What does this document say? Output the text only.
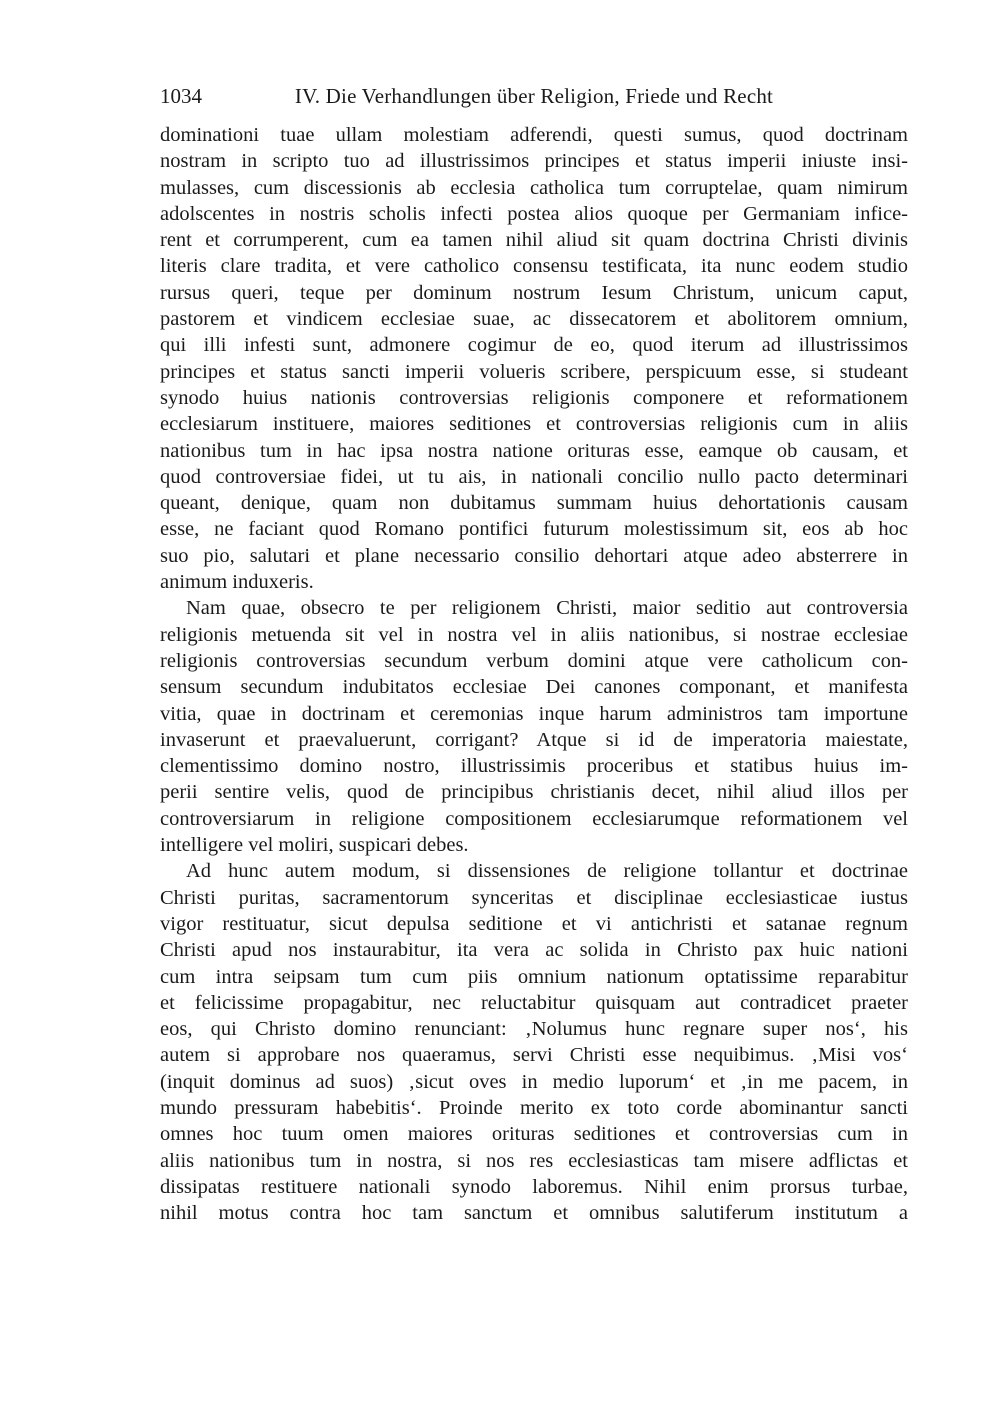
1034	IV. Die Verhandlungen über Religion, Friede und Recht
dominationi tuae ullam molestiam adferendi, questi sumus, quod doctrinam
nostram in scripto tuo ad illustrissimos principes et status imperii iniuste insi-
mulasses, cum discessionis ab ecclesia catholica tum corruptelae, quam nimirum
adolscentes in nostris scholis infecti postea alios quoque per Germaniam infice-
rent et corrumperent, cum ea tamen nihil aliud sit quam doctrina Christi divinis
literis clare tradita, et vere catholico consensu testificata, ita nunc eodem studio
rursus queri, teque per dominum nostrum Iesum Christum, unicum caput,
pastorem et vindicem ecclesiae suae, ac dissecatorem et abolitorem omnium,
qui illi infesti sunt, admonere cogimur de eo, quod iterum ad illustrissimos
principes et status sancti imperii volueris scribere, perspicuum esse, si studeant
synodo huius nationis controversias religionis componere et reformationem
ecclesiarum instituere, maiores seditiones et controversias religionis cum in aliis
nationibus tum in hac ipsa nostra natione orituras esse, eamque ob causam, et
quod controversiae fidei, ut tu ais, in nationali concilio nullo pacto determinari
queant, denique, quam non dubitamus summam huius dehortationis causam
esse, ne faciant quod Romano pontifici futurum molestissimum sit, eos ab hoc
suo pio, salutari et plane necessario consilio dehortari atque adeo absterrere in
animum induxeris.
Nam quae, obsecro te per religionem Christi, maior seditio aut controversia
religionis metuenda sit vel in nostra vel in aliis nationibus, si nostrae ecclesiae
religionis controversias secundum verbum domini atque vere catholicum con-
sensum secundum indubitatos ecclesiae Dei canones componant, et manifesta
vitia, quae in doctrinam et ceremonias inque harum administros tam importune
invaserunt et praevaluerunt, corrigant? Atque si id de imperatoria maiestate,
clementissimo domino nostro, illustrissimis proceribus et statibus huius im-
perii sentire velis, quod de principibus christianis decet, nihil aliud illos per
controversiarum in religione compositionem ecclesiarumque reformationem vel
intelligere vel moliri, suspicari debes.
Ad hunc autem modum, si dissensiones de religione tollantur et doctrinae
Christi puritas, sacramentorum synceritas et disciplinae ecclesiasticae iustus
vigor restituatur, sicut depulsa seditione et vi antichristi et satanae regnum
Christi apud nos instaurabitur, ita vera ac solida in Christo pax huic nationi
cum intra seipsam tum cum piis omnium nationum optatissime reparabitur
et felicissime propagabitur, nec reluctabitur quisquam aut contradicet praeter
eos, qui Christo domino renunciant: ‚Nolumus hunc regnare super nos‘, his
autem si approbare nos quaeramus, servi Christi esse nequibimus. ‚Misi vos‘
(inquit dominus ad suos) ‚sicut oves in medio luporum‘ et ‚in me pacem, in
mundo pressuram habebitis‘. Proinde merito ex toto corde abominantur sancti
omnes hoc tuum omen maiores orituras seditiones et controversias cum in
aliis nationibus tum in nostra, si nos res ecclesiasticas tam misere adflictas et
dissipatas restituere nationali synodo laboremus. Nihil enim prorsus turbae,
nihil motus contra hoc tam sanctum et omnibus salutiferum institutum a
